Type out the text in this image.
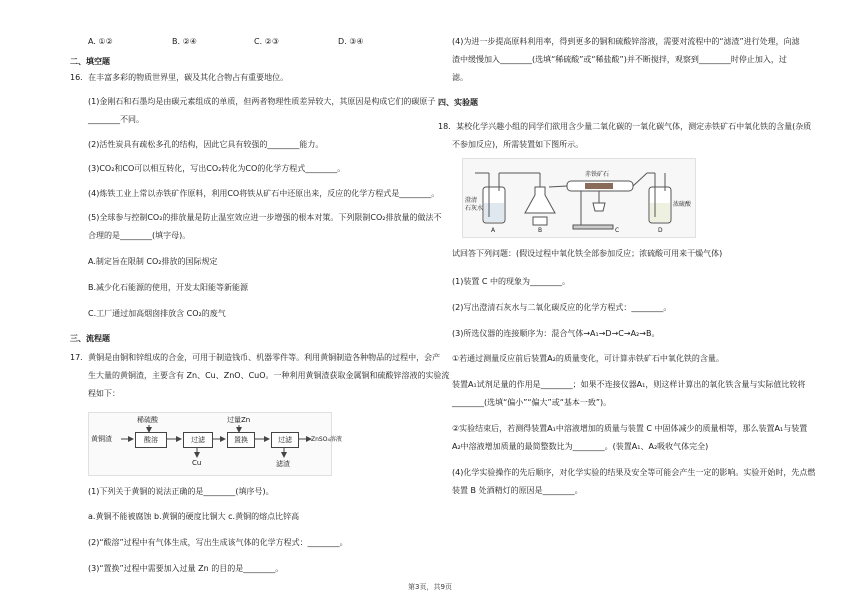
A. ①②	B. ②④	C. ②③	D. ③④
二、填空题
16．在丰富多彩的物质世界里，碳及其化合物占有重要地位。
(1)金刚石和石墨均是由碳元素组成的单质，但两者物理性质差异较大，其原因是构成它们的碳原子
________不同。
(2)活性炭具有疏松多孔的结构，因此它具有较强的________能力。
(3)CO₂和CO可以相互转化，写出CO₂转化为CO的化学方程式________。
(4)炼铁工业上常以赤铁矿作原料，利用CO将铁从矿石中还原出来，反应的化学方程式是________。
(5)全球参与控制CO₂的排放量是防止温室效应进一步增强的根本对策。下列限制CO₂排放量的做法不
合理的是________(填字母)。
A.制定旨在限制 CO₂排放的国际规定
B.减少化石能源的使用，开发太阳能等新能源
C.工厂通过加高烟囱排放含 CO₂的废气
三、流程题
17．黄铜是由铜和锌组成的合金，可用于制造钱币、机器零件等。利用黄铜制造各种物品的过程中，会产
生大量的黄铜渣，主要含有 Zn、Cu、ZnO、CuO。一种利用黄铜渣获取金属铜和硫酸锌溶液的实验流
程如下：
黄铜渣
稀硫酸
酸溶	过滤
过量Zn
置换	过滤	ZnSO₄溶液
Cu	滤渣
(1)下列关于黄铜的说法正确的是________(填序号)。
a.黄铜不能被腐蚀 b.黄铜的硬度比铜大 c.黄铜的熔点比锌高
(2)“酸溶”过程中有气体生成，写出生成该气体的化学方程式：________。
(3)“置换”过程中需要加入过量 Zn 的目的是________。
(4)为进一步提高原料利用率，得到更多的铜和硫酸锌溶液，需要对流程中的“滤渣”进行处理，向滤
渣中缓慢加入________(选填“稀硫酸”或“稀盐酸”)并不断搅拌，观察到________时停止加入，过
滤。
四、实验题
18．某校化学兴趣小组的同学们欲用含少量二氧化碳的一氧化碳气体，测定赤铁矿石中氧化铁的含量(杂质
不参加反应)，所需装置如下图所示。
澄清
石灰水
赤铁矿石
浓硫酸
A	B	C	D
试回答下列问题：(假设过程中氧化铁全部参加反应；浓硫酸可用来干燥气体)
(1)装置 C 中的现象为________。
(2)写出澄清石灰水与二氧化碳反应的化学方程式：________。
(3)所选仪器的连接顺序为：混合气体→A₁→D→C→A₂→B。
①若通过测量反应前后装置A₂的质量变化，可计算赤铁矿石中氧化铁的含量。
装置A₁试剂足量的作用是________；如果不连接仪器A₁，则这样计算出的氧化铁含量与实际值比较将
________(选填“偏小”“偏大”或“基本一致”)。
②实验结束后，若测得装置A₁中溶液增加的质量与装置 C 中固体减少的质量相等，那么装置A₁与装置
A₂中溶液增加质量的最简整数比为________。(装置A₁、A₂吸收气体完全)
(4)化学实验操作的先后顺序，对化学实验的结果及安全等可能会产生一定的影响。实验开始时，先点燃
装置 B 处酒精灯的原因是________。
第3页，共9页
